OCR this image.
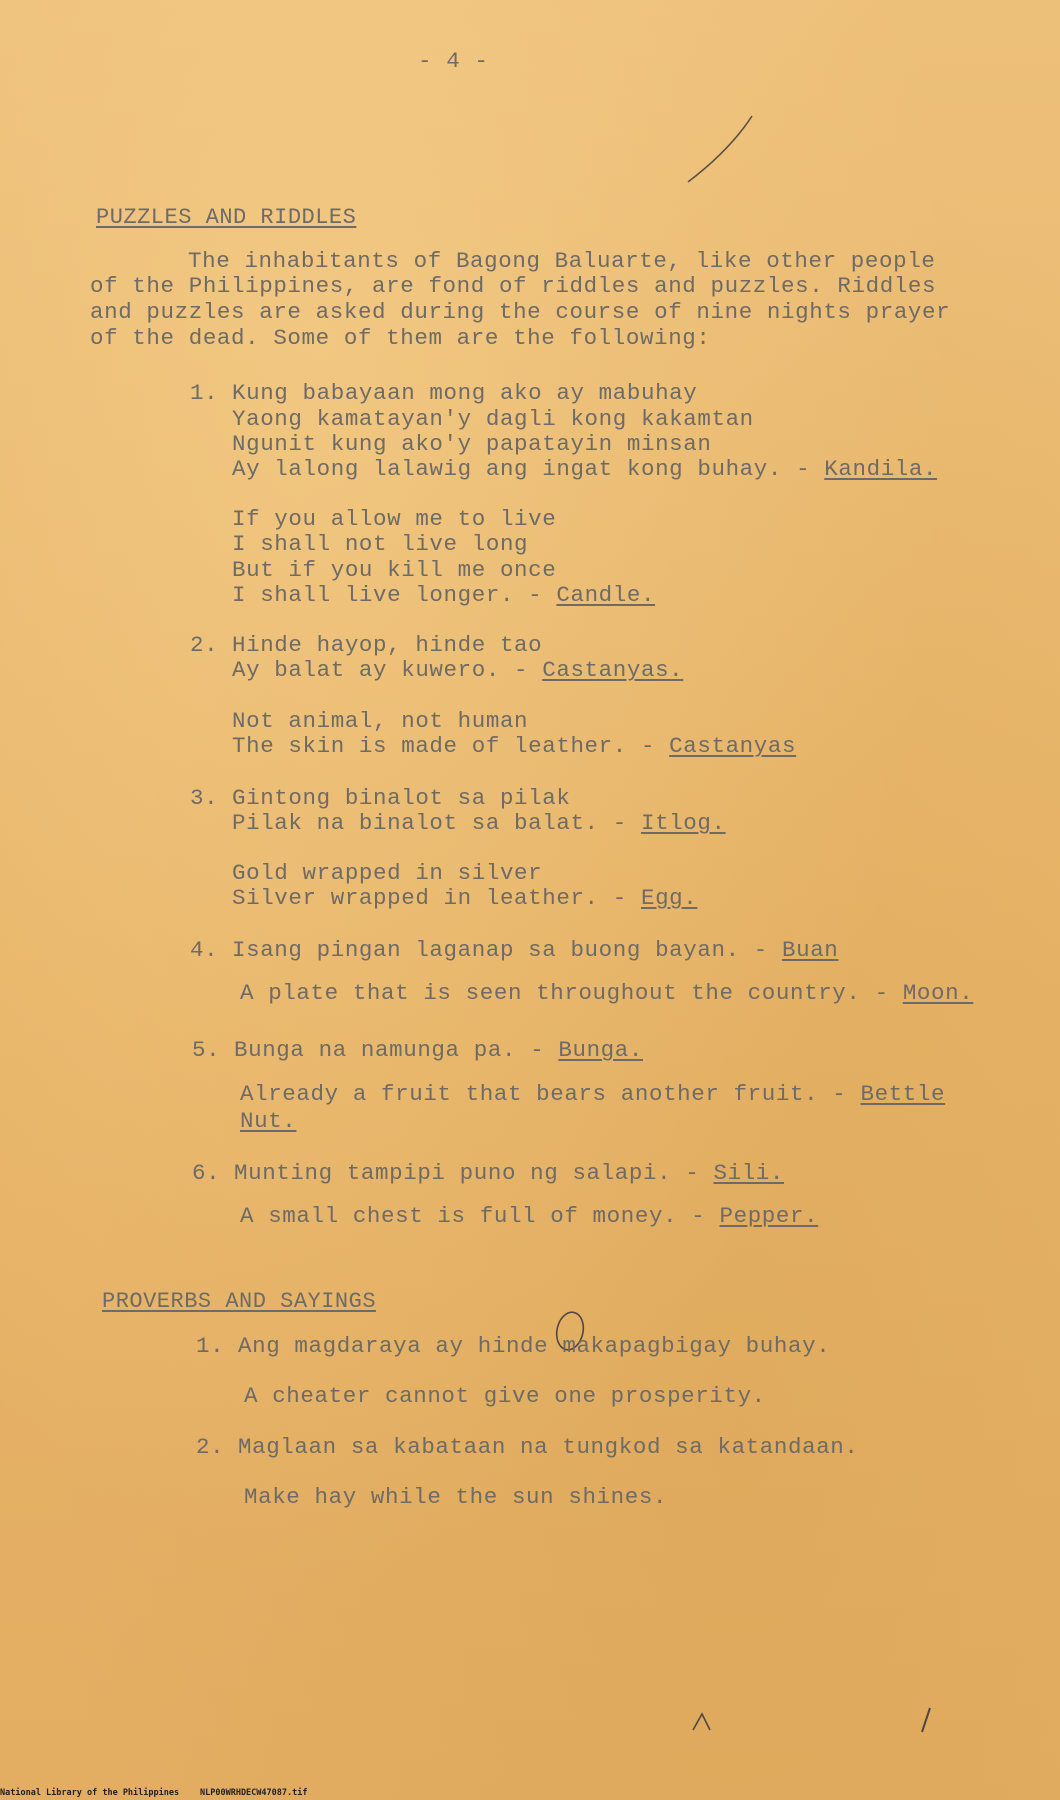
- 4 -
PUZZLES AND RIDDLES
The inhabitants of Bagong Baluarte, like other people
of the Philippines, are fond of riddles and puzzles. Riddles
and puzzles are asked during the course of nine nights prayer
of the dead. Some of them are the following:
1. Kung babayaan mong ako ay mabuhay
Yaong kamatayan'y dagli kong kakamtan
Ngunit kung ako'y papatayin minsan
Ay lalong lalawig ang ingat kong buhay. - Kandila.
If you allow me to live
I shall not live long
But if you kill me once
I shall live longer. - Candle.
2. Hinde hayop, hinde tao
Ay balat ay kuwero. - Castanyas.
Not animal, not human
The skin is made of leather. - Castanyas
3. Gintong binalot sa pilak
Pilak na binalot sa balat. - Itlog.
Gold wrapped in silver
Silver wrapped in leather. - Egg.
4. Isang pingan laganap sa buong bayan. - Buan
A plate that is seen throughout the country. - Moon.
5. Bunga na namunga pa. - Bunga.
Already a fruit that bears another fruit. - Bettle
Nut.
6. Munting tampipi puno ng salapi. - Sili.
A small chest is full of money. - Pepper.
PROVERBS AND SAYINGS
1. Ang magdaraya ay hinde makapagbigay buhay.
A cheater cannot give one prosperity.
2. Maglaan sa kabataan na tungkod sa katandaan.
Make hay while the sun shines.
National Library of the Philippines NLP00WRHDECW47087.tif
